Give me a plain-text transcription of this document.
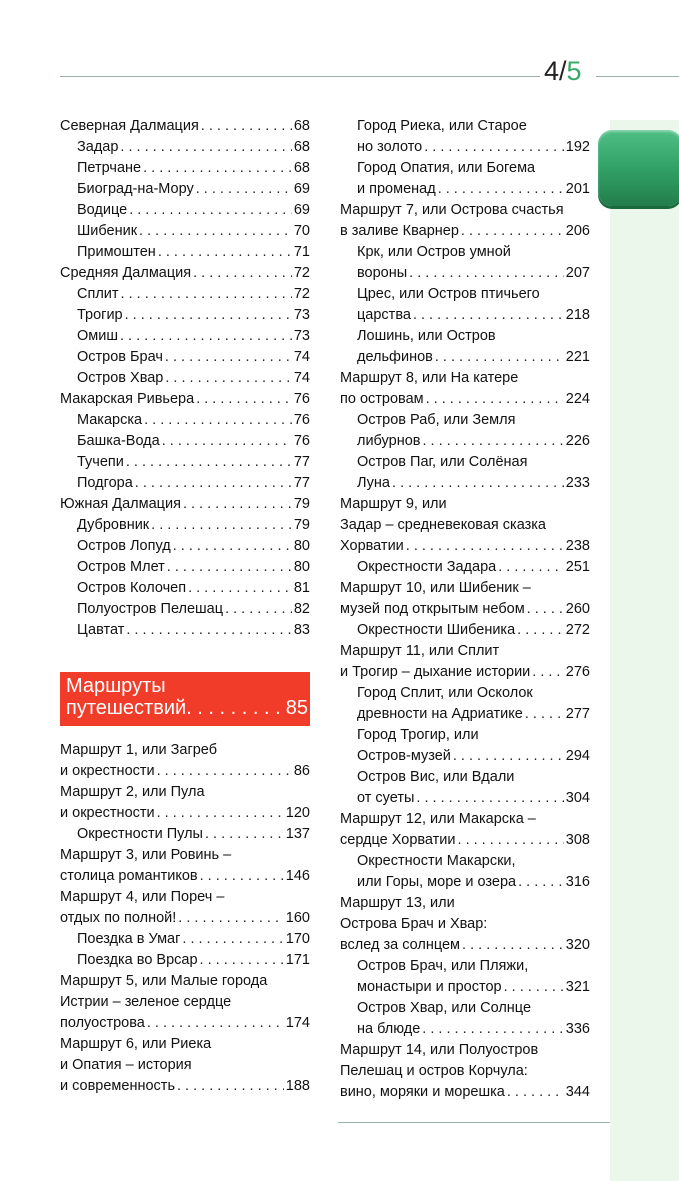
4/5
Северная Далмация . . .	68
Задар . . .	68
Петрчане . . .	68
Биоград-на-Мору . . .	69
Водице . . .	69
Шибеник . . .	70
Примоштен . . .	71
Средняя Далмация . . .	72
Сплит . . .	72
Трогир . . .	73
Омиш . . .	73
Остров Брач . . .	74
Остров Хвар . . .	74
Макарская Ривьера . . .	76
Макарска . . .	76
Башка-Вода . . .	76
Тучепи . . .	77
Подгора . . .	77
Южная Далмация . . .	79
Дубровник . . .	79
Остров Лопуд . . .	80
Остров Млет . . .	80
Остров Колочеп . . .	81
Полуостров Пелешац . . .	82
Цавтат . . .	83
Маршруты
путешествий . . .	85
Маршрут 1, или Загреб
и окрестности . . .	86
Маршрут 2, или Пула
и окрестности . . .	120
Окрестности Пулы . . .	137
Маршрут 3, или Ровинь –
столица романтиков . . .	146
Маршрут 4, или Пореч –
отдых по полной! . . .	160
Поездка в Умаг . . .	170
Поездка во Врсар . . .	171
Маршрут 5, или Малые города
Истрии – зеленое сердце
полуострова . . .	174
Маршрут 6, или Риека
и Опатия – история
и современность . . .	188
Город Риека, или Старое
но золото . . .	192
Город Опатия, или Богема
и променад . . .	201
Маршрут 7, или Острова счастья
в заливе Кварнер . . .	206
Крк, или Остров умной
вороны . . .	207
Црес, или Остров птичьего
царства . . .	218
Лошинь, или Остров
дельфинов . . .	221
Маршрут 8, или На катере
по островам . . .	224
Остров Раб, или Земля
либурнов . . .	226
Остров Паг, или Солёная
Луна . . .	233
Маршрут 9, или
Задар – средневековая сказка
Хорватии . . .	238
Окрестности Задара . . .	251
Маршрут 10, или Шибеник –
музей под открытым небом . . .	260
Окрестности Шибеника . . .	272
Маршрут 11, или Сплит
и Трогир – дыхание истории . . . 276
Город Сплит, или Осколок
древности на Адриатике . . .	277
Город Трогир, или
Остров-музей . . .	294
Остров Вис, или Вдали
от суеты . . .	304
Маршрут 12, или Макарска –
сердце Хорватии . . .	308
Окрестности Макарски,
или Горы, море и озера . . .	316
Маршрут 13, или
Острова Брач и Хвар:
вслед за солнцем . . .	320
Остров Брач, или Пляжи,
монастыри и простор . . .	321
Остров Хвар, или Солнце
на блюде . . .	336
Маршрут 14, или Полуостров
Пелешац и остров Корчула:
вино, моряки и морешка . . .	344
